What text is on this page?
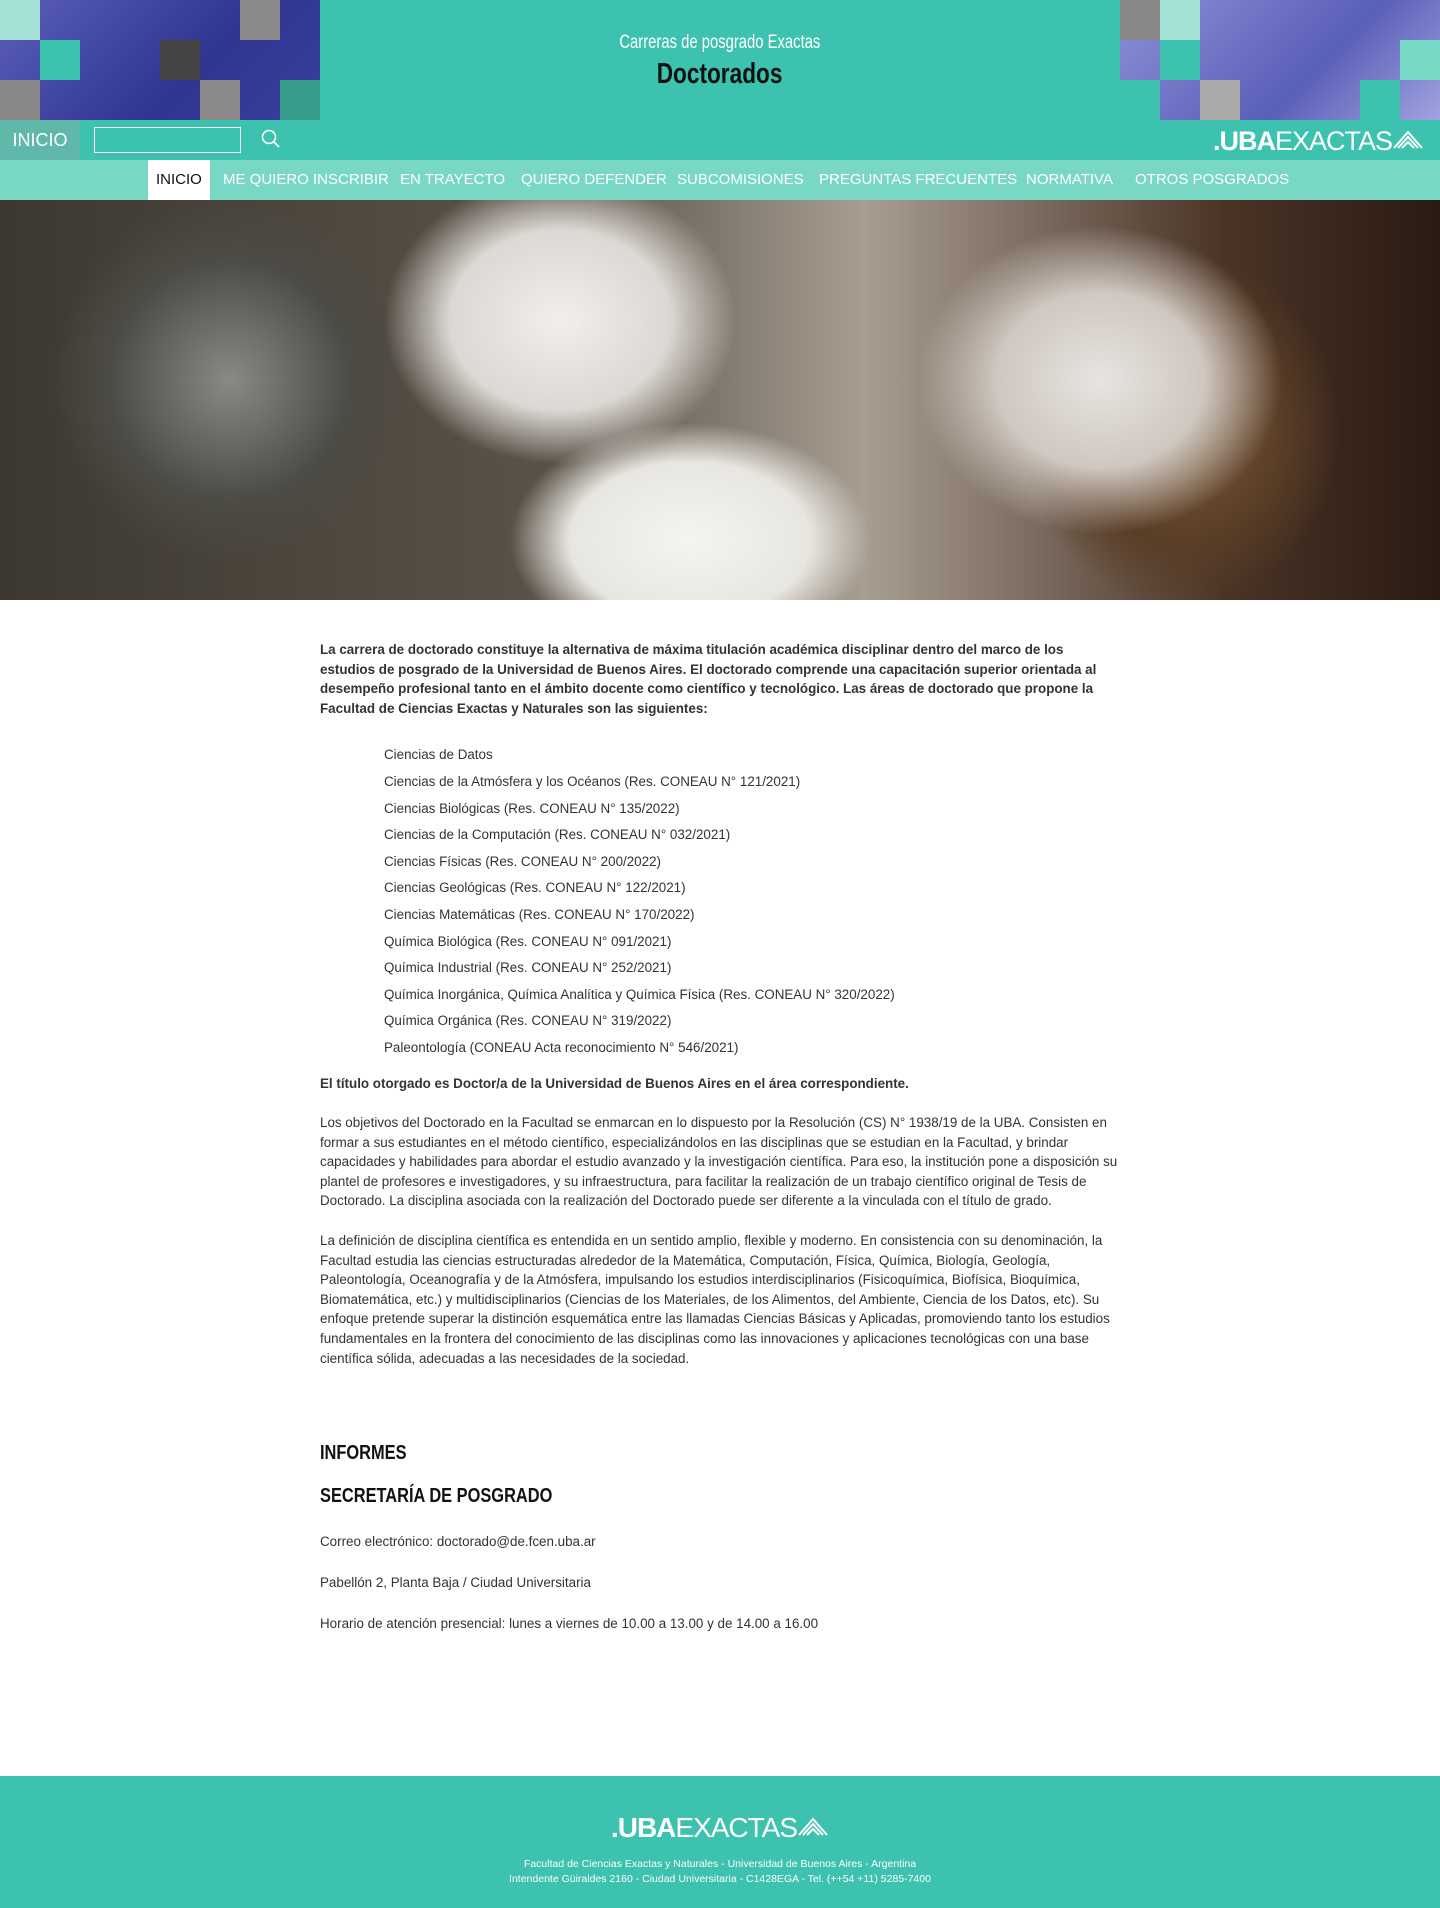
Carreras de posgrado Exactas
Doctorados
INICIO	.UBAEXACTAS
INICIO	ME QUIERO INSCRIBIR EN TRAYECTO QUIERO DEFENDER SUBCOMISIONES PREGUNTAS FRECUENTES NORMATIVA OTROS POSGRADOS

La carrera de doctorado constituye la alternativa de máxima titulación académica disciplinar dentro del marco de los estudios de posgrado de la Universidad de Buenos Aires. El doctorado comprende una capacitación superior orientada al desempeño profesional tanto en el ámbito docente como científico y tecnológico. Las áreas de doctorado que propone la Facultad de Ciencias Exactas y Naturales son las siguientes:

Ciencias de Datos
Ciencias de la Atmósfera y los Océanos (Res. CONEAU N° 121/2021)
Ciencias Biológicas (Res. CONEAU N° 135/2022)
Ciencias de la Computación (Res. CONEAU N° 032/2021)
Ciencias Físicas (Res. CONEAU N° 200/2022)
Ciencias Geológicas (Res. CONEAU N° 122/2021)
Ciencias Matemáticas (Res. CONEAU N° 170/2022)
Química Biológica (Res. CONEAU N° 091/2021)
Química Industrial (Res. CONEAU N° 252/2021)
Química Inorgánica, Química Analítica y Química Física (Res. CONEAU N° 320/2022)
Química Orgánica (Res. CONEAU N° 319/2022)
Paleontología (CONEAU Acta reconocimiento N° 546/2021)

El título otorgado es Doctor/a de la Universidad de Buenos Aires en el área correspondiente.

Los objetivos del Doctorado en la Facultad se enmarcan en lo dispuesto por la Resolución (CS) N° 1938/19 de la UBA. Consisten en formar a sus estudiantes en el método científico, especializándolos en las disciplinas que se estudian en la Facultad, y brindar capacidades y habilidades para abordar el estudio avanzado y la investigación científica. Para eso, la institución pone a disposición su plantel de profesores e investigadores, y su infraestructura, para facilitar la realización de un trabajo científico original de Tesis de Doctorado. La disciplina asociada con la realización del Doctorado puede ser diferente a la vinculada con el título de grado.

La definición de disciplina científica es entendida en un sentido amplio, flexible y moderno. En consistencia con su denominación, la Facultad estudia las ciencias estructuradas alrededor de la Matemática, Computación, Física, Química, Biología, Geología, Paleontología, Oceanografía y de la Atmósfera, impulsando los estudios interdisciplinarios (Fisicoquímica, Biofísica, Bioquímica, Biomatemática, etc.) y multidisciplinarios (Ciencias de los Materiales, de los Alimentos, del Ambiente, Ciencia de los Datos, etc). Su enfoque pretende superar la distinción esquemática entre las llamadas Ciencias Básicas y Aplicadas, promoviendo tanto los estudios fundamentales en la frontera del conocimiento de las disciplinas como las innovaciones y aplicaciones tecnológicas con una base científica sólida, adecuadas a las necesidades de la sociedad.

INFORMES
SECRETARÍA DE POSGRADO

Correo electrónico: doctorado@de.fcen.uba.ar

Pabellón 2, Planta Baja / Ciudad Universitaria

Horario de atención presencial: lunes a viernes de 10.00 a 13.00 y de 14.00 a 16.00

.UBAEXACTAS
Facultad de Ciencias Exactas y Naturales - Universidad de Buenos Aires - Argentina
Intendente Güiraldes 2160 - Ciudad Universitaria - C1428EGA - Tel. (++54 +11) 5285-7400
